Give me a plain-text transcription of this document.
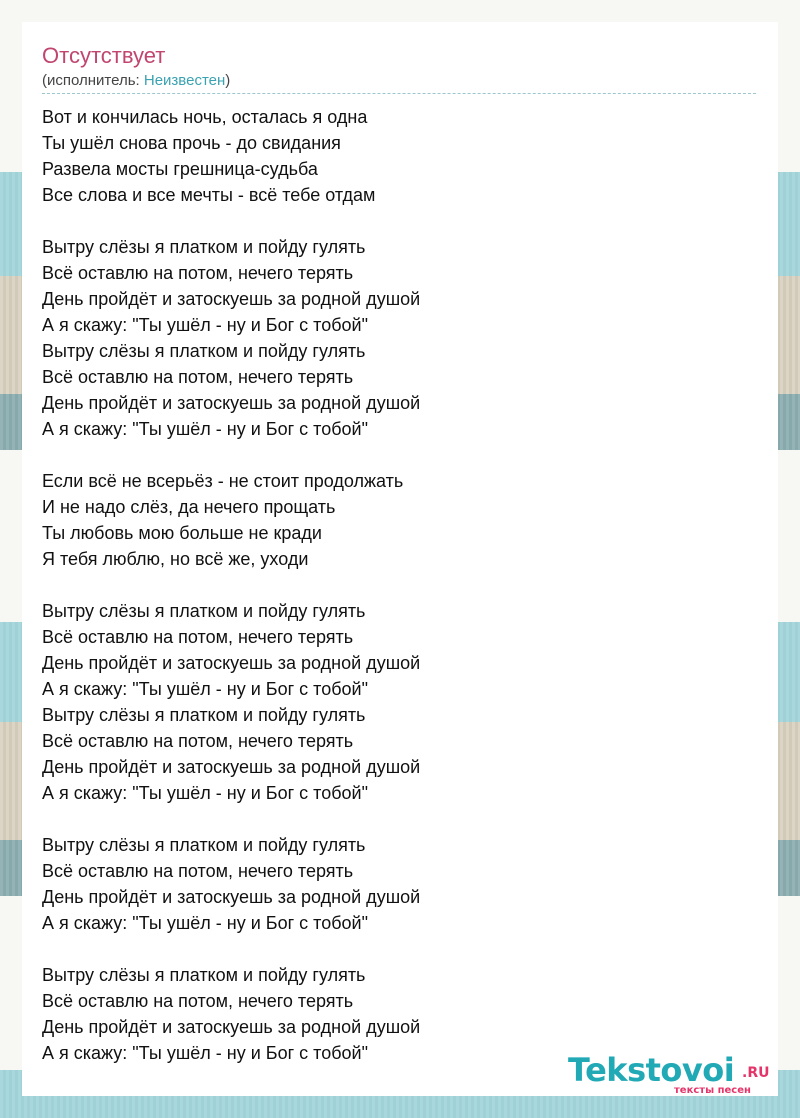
Отсутствует
(исполнитель: Неизвестен)
Вот и кончилась ночь, осталась я одна
Ты ушёл снова прочь - до свидания
Развела мосты грешница-судьба
Все слова и все мечты - всё тебе отдам
Вытру слёзы я платком и пойду гулять
Всё оставлю на потом, нечего терять
День пройдёт и затоскуешь за родной душой
А я скажу: "Ты ушёл - ну и Бог с тобой"
Вытру слёзы я платком и пойду гулять
Всё оставлю на потом, нечего терять
День пройдёт и затоскуешь за родной душой
А я скажу: "Ты ушёл - ну и Бог с тобой"
Если всё не всерьёз - не стоит продолжать
И не надо слёз, да нечего прощать
Ты любовь мою больше не кради
Я тебя люблю, но всё же, уходи
Вытру слёзы я платком и пойду гулять
Всё оставлю на потом, нечего терять
День пройдёт и затоскуешь за родной душой
А я скажу: "Ты ушёл - ну и Бог с тобой"
Вытру слёзы я платком и пойду гулять
Всё оставлю на потом, нечего терять
День пройдёт и затоскуешь за родной душой
А я скажу: "Ты ушёл - ну и Бог с тобой"
Вытру слёзы я платком и пойду гулять
Всё оставлю на потом, нечего терять
День пройдёт и затоскуешь за родной душой
А я скажу: "Ты ушёл - ну и Бог с тобой"
Вытру слёзы я платком и пойду гулять
Всё оставлю на потом, нечего терять
День пройдёт и затоскуешь за родной душой
А я скажу: "Ты ушёл - ну и Бог с тобой"	Tekstovoi .RU
тексты песен
